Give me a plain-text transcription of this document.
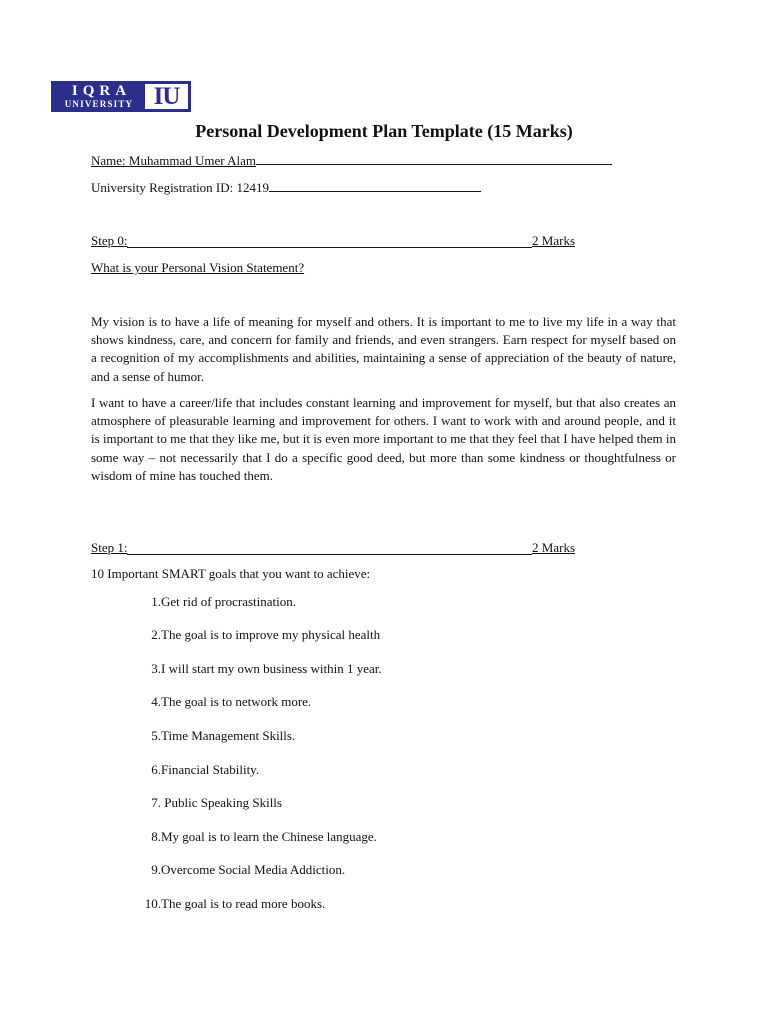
IQRA
UNIVERSITY IU
Personal Development Plan Template (15 Marks)
Name: Muhammad Umer Alam
University Registration ID: 12419
Step 0:	2 Marks
What is your Personal Vision Statement?
My vision is to have a life of meaning for myself and others. It is important to me to live my life in a way that shows kindness, care, and concern for family and friends, and even strangers. Earn respect for myself based on a recognition of my accomplishments and abilities, maintaining a sense of appreciation of the beauty of nature, and a sense of humor.
I want to have a career/life that includes constant learning and improvement for myself, but that also creates an atmosphere of pleasurable learning and improvement for others. I want to work with and around people, and it is important to me that they like me, but it is even more important to me that they feel that I have helped them in some way – not necessarily that I do a specific good deed, but more than some kindness or thoughtfulness or wisdom of mine has touched them.
Step 1:	2 Marks
10 Important SMART goals that you want to achieve:
1.Get rid of procrastination.
2.The goal is to improve my physical health
3.I will start my own business within 1 year.
4.The goal is to network more.
5.Time Management Skills.
6.Financial Stability.
7. Public Speaking Skills
8.My goal is to learn the Chinese language.
9.Overcome Social Media Addiction.
10.The goal is to read more books.
